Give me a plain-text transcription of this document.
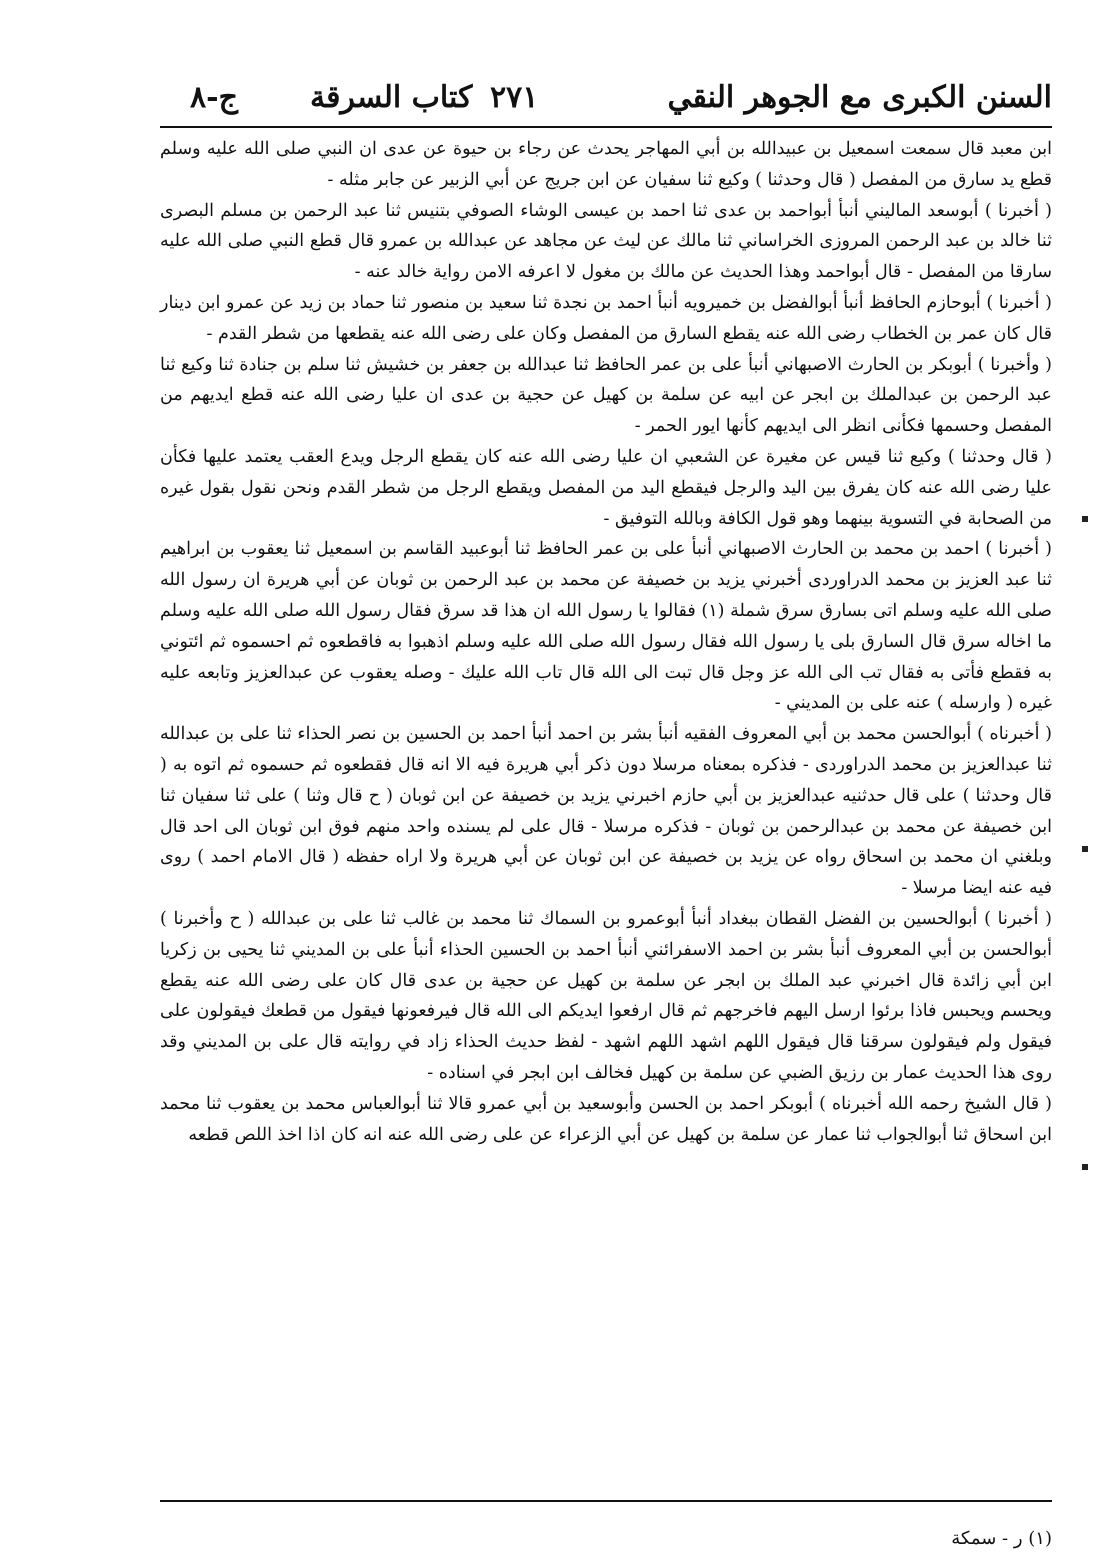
السنن الكبرى مع الجوهر النقي
٢٧١
كتاب السرقة
ج-٨

ابن معبد قال سمعت اسمعيل بن عبيدالله بن أبي المهاجر يحدث عن رجاء بن حيوة عن عدى ان النبي صلى الله عليه وسلم قطع يد سارق من المفصل ( قال وحدثنا ) وكيع ثنا سفيان عن ابن جريج عن أبي الزبير عن جابر مثله -

( أخبرنا ) أبوسعد الماليني أنبأ أبواحمد بن عدى ثنا احمد بن عيسى الوشاء الصوفي بتنيس ثنا عبد الرحمن بن مسلم البصرى ثنا خالد بن عبد الرحمن المروزى الخراساني ثنا مالك عن ليث عن مجاهد عن عبدالله بن عمرو قال قطع النبي صلى الله عليه سارقا من المفصل - قال أبواحمد وهذا الحديث عن مالك بن مغول لا اعرفه الامن رواية خالد عنه -

( أخبرنا ) أبوحازم الحافظ أنبأ أبوالفضل بن خميرويه أنبأ احمد بن نجدة ثنا سعيد بن منصور ثنا حماد بن زيد عن عمرو ابن دينار قال كان عمر بن الخطاب رضى الله عنه يقطع السارق من المفصل وكان على رضى الله عنه يقطعها من شطر القدم -

( وأخبرنا ) أبوبكر بن الحارث الاصبهاني أنبأ على بن عمر الحافظ ثنا عبدالله بن جعفر بن خشيش ثنا سلم بن جنادة ثنا وكيع ثنا عبد الرحمن بن عبدالملك بن ابجر عن ابيه عن سلمة بن كهيل عن حجية بن عدى ان عليا رضى الله عنه قطع ايديهم من المفصل وحسمها فكأنى انظر الى ايديهم كأنها ايور الحمر -

( قال وحدثنا ) وكيع ثنا قيس عن مغيرة عن الشعبي ان عليا رضى الله عنه كان يقطع الرجل ويدع العقب يعتمد عليها فكأن عليا رضى الله عنه كان يفرق بين اليد والرجل فيقطع اليد من المفصل ويقطع الرجل من شطر القدم ونحن نقول بقول غيره من الصحابة في التسوية بينهما وهو قول الكافة وبالله التوفيق -

( أخبرنا ) احمد بن محمد بن الحارث الاصبهاني أنبأ على بن عمر الحافظ ثنا أبوعبيد القاسم بن اسمعيل ثنا يعقوب بن ابراهيم ثنا عبد العزيز بن محمد الدراوردى أخبرني يزيد بن خصيفة عن محمد بن عبد الرحمن بن ثوبان عن أبي هريرة ان رسول الله صلى الله عليه وسلم اتى بسارق سرق شملة (١) فقالوا يا رسول الله ان هذا قد سرق فقال رسول الله صلى الله عليه وسلم ما اخاله سرق قال السارق بلى يا رسول الله فقال رسول الله صلى الله عليه وسلم اذهبوا به فاقطعوه ثم احسموه ثم ائتوني به فقطع فأتى به فقال تب الى الله عز وجل قال تبت الى الله قال تاب الله عليك - وصله يعقوب عن عبدالعزيز وتابعه عليه غيره ( وارسله ) عنه على بن المديني -

( أخبرناه ) أبوالحسن محمد بن أبي المعروف الفقيه أنبأ بشر بن احمد أنبأ احمد بن الحسين بن نصر الحذاء ثنا على بن عبدالله ثنا عبدالعزيز بن محمد الدراوردى - فذكره بمعناه مرسلا دون ذكر أبي هريرة فيه الا انه قال فقطعوه ثم حسموه ثم اتوه به ( قال وحدثنا ) على قال حدثنيه عبدالعزيز بن أبي حازم اخبرني يزيد بن خصيفة عن ابن ثوبان ( ح قال وثنا ) على ثنا سفيان ثنا ابن خصيفة عن محمد بن عبدالرحمن بن ثوبان - فذكره مرسلا - قال على لم يسنده واحد منهم فوق ابن ثوبان الى احد قال وبلغني ان محمد بن اسحاق رواه عن يزيد بن خصيفة عن ابن ثوبان عن أبي هريرة ولا اراه حفظه ( قال الامام احمد ) روى فيه عنه ايضا مرسلا -

( أخبرنا ) أبوالحسين بن الفضل القطان ببغداد أنبأ أبوعمرو بن السماك ثنا محمد بن غالب ثنا على بن عبدالله ( ح وأخبرنا ) أبوالحسن بن أبي المعروف أنبأ بشر بن احمد الاسفرائني أنبأ احمد بن الحسين الحذاء أنبأ على بن المديني ثنا يحيى بن زكريا ابن أبي زائدة قال اخبرني عبد الملك بن ابجر عن سلمة بن كهيل عن حجية بن عدى قال كان على رضى الله عنه يقطع ويحسم ويحبس فاذا برئوا ارسل اليهم فاخرجهم ثم قال ارفعوا ايديكم الى الله قال فيرفعونها فيقول من قطعك فيقولون على فيقول ولم فيقولون سرقنا قال فيقول اللهم اشهد اللهم اشهد - لفظ حديث الحذاء زاد في روايته قال على بن المديني وقد روى هذا الحديث عمار بن رزيق الضبي عن سلمة بن كهيل فخالف ابن ابجر في اسناده -

( قال الشيخ رحمه الله أخبرناه ) أبوبكر احمد بن الحسن وأبوسعيد بن أبي عمرو قالا ثنا أبوالعباس محمد بن يعقوب ثنا محمد ابن اسحاق ثنا أبوالجواب ثنا عمار عن سلمة بن كهيل عن أبي الزعراء عن على رضى الله عنه انه كان اذا اخذ اللص قطعه

(١) ر - سمكة
